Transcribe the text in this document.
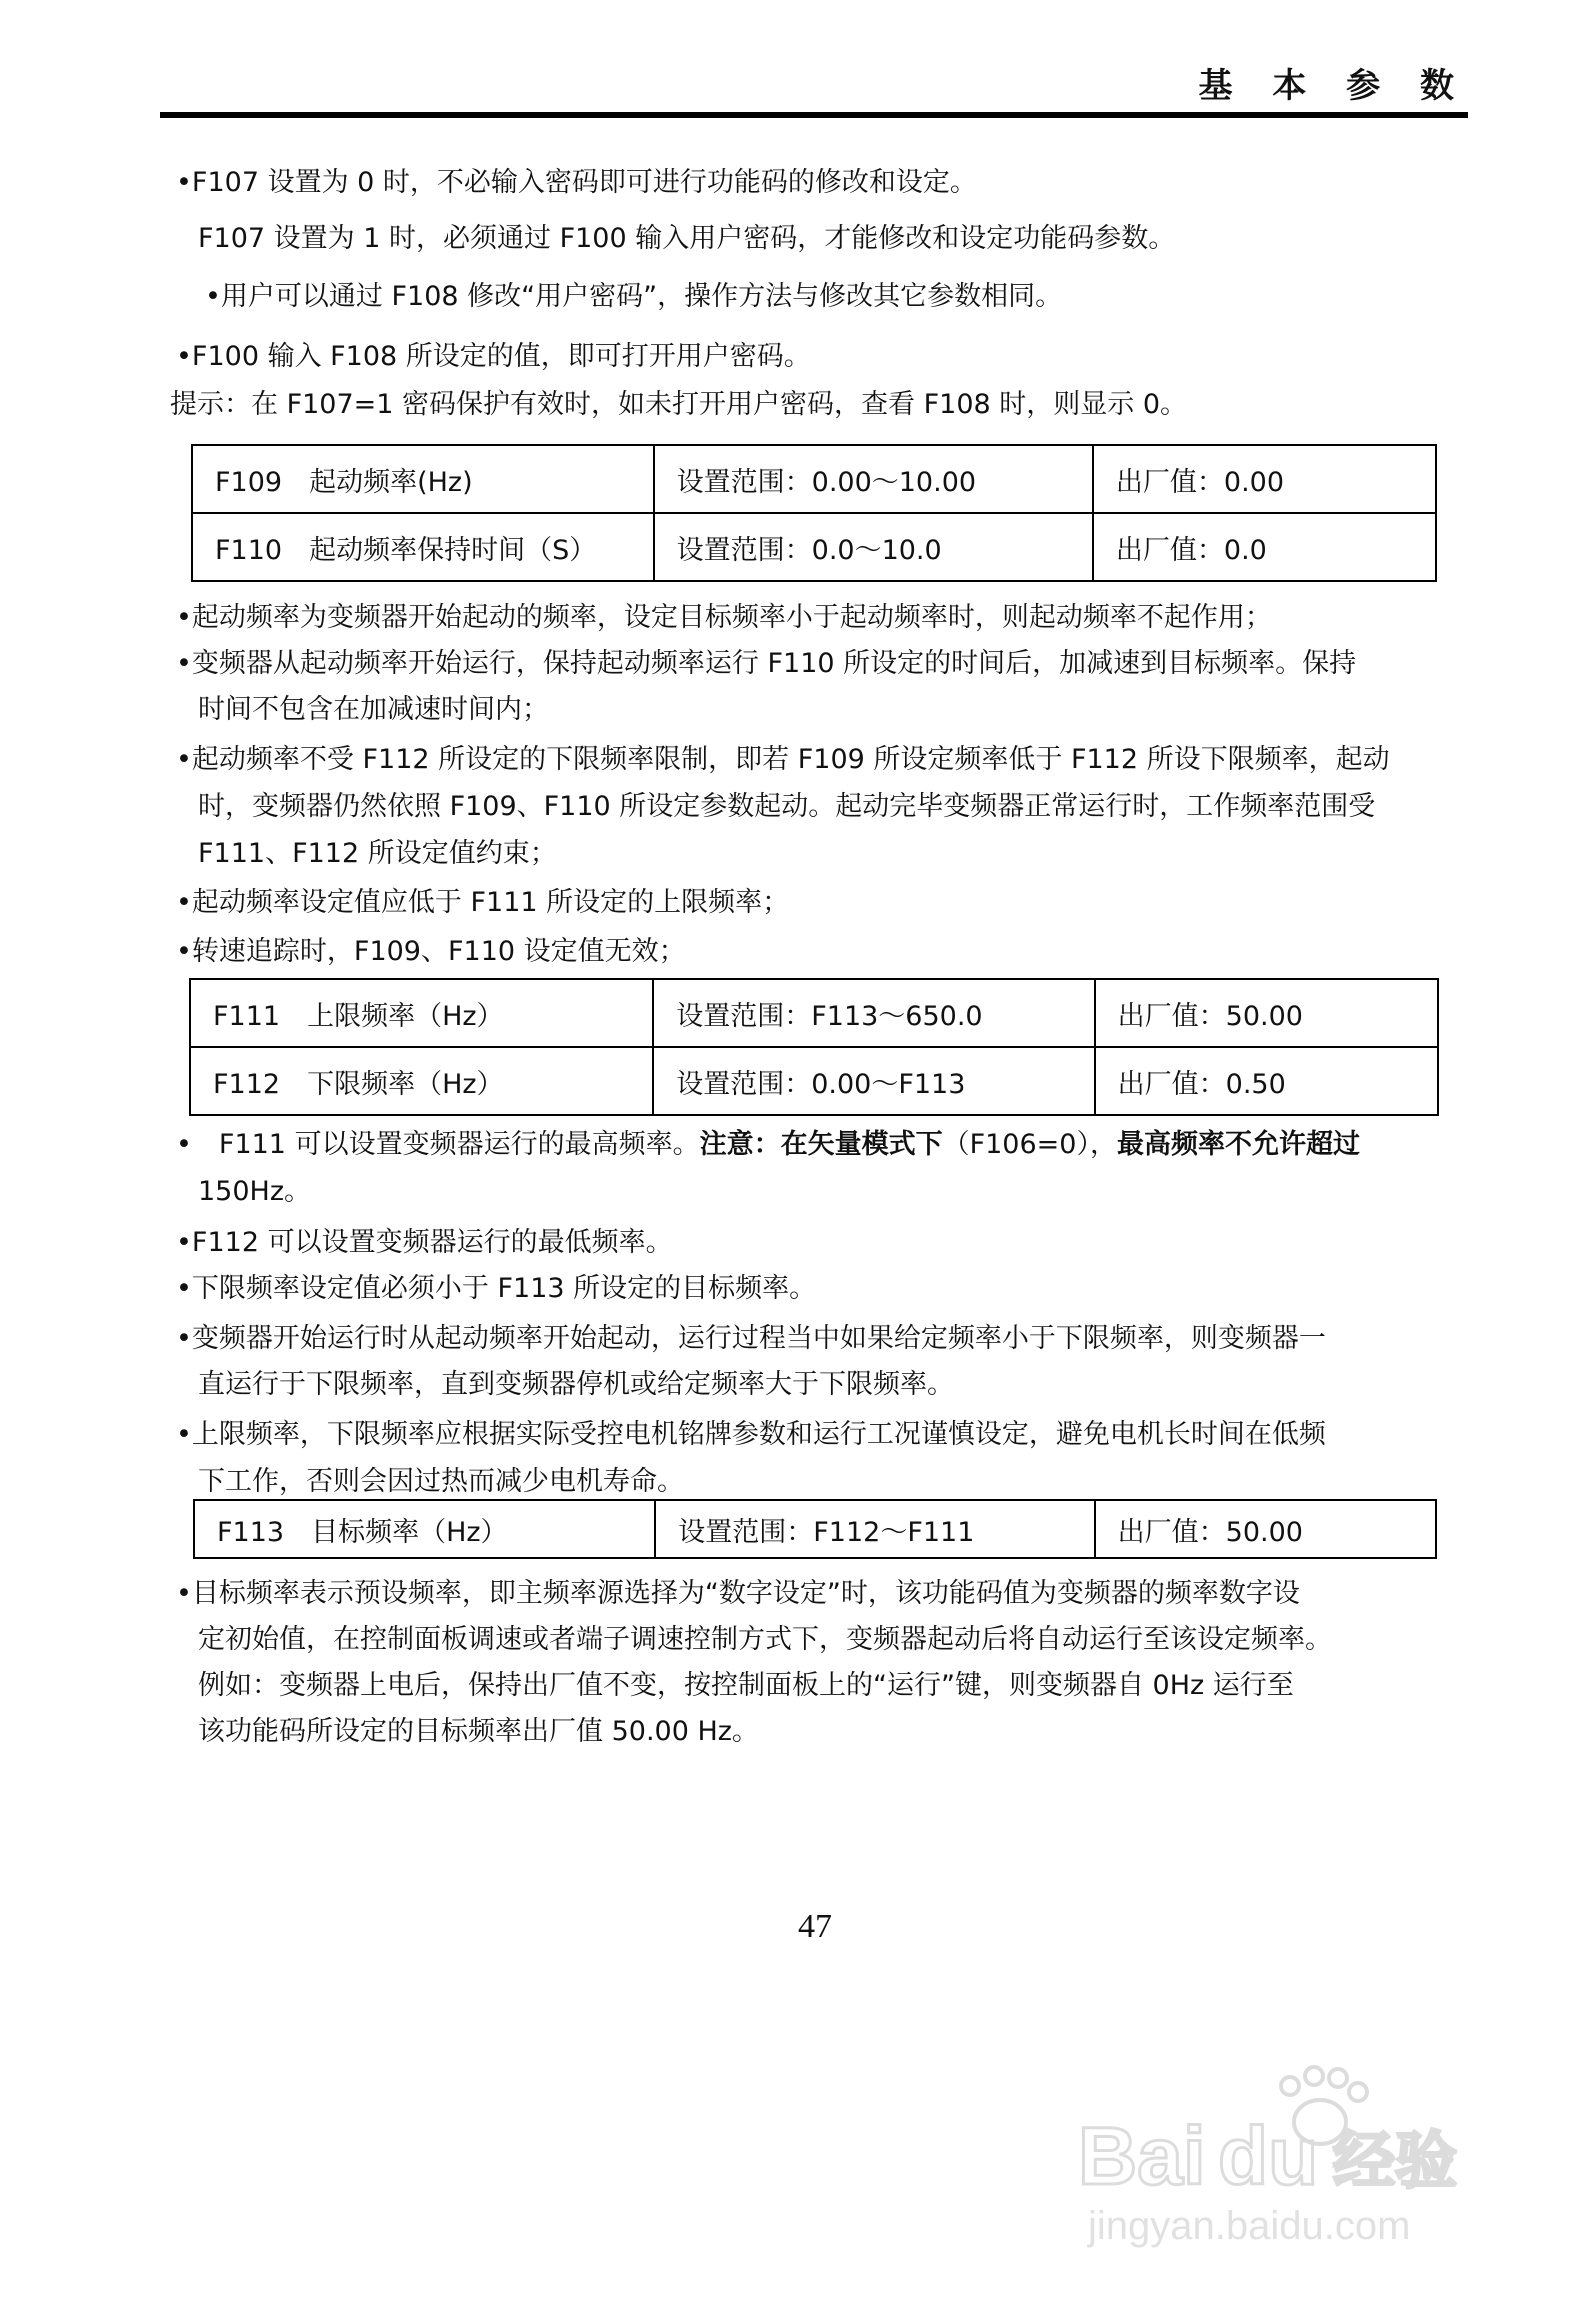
基 本 参 数
•F107 设置为 0 时，不必输入密码即可进行功能码的修改和设定。
F107 设置为 1 时，必须通过 F100 输入用户密码，才能修改和设定功能码参数。
•用户可以通过 F108 修改“用户密码”，操作方法与修改其它参数相同。
•F100 输入 F108 所设定的值，即可打开用户密码。
提示：在 F107=1 密码保护有效时，如未打开用户密码，查看 F108 时，则显示 0。
F109　起动频率(Hz)	设置范围：0.00～10.00	出厂值：0.00
F110　起动频率保持时间（S）	设置范围：0.0～10.0	出厂值：0.0
•起动频率为变频器开始起动的频率，设定目标频率小于起动频率时，则起动频率不起作用；
•变频器从起动频率开始运行，保持起动频率运行 F110 所设定的时间后，加减速到目标频率。保持
时间不包含在加减速时间内；
•起动频率不受 F112 所设定的下限频率限制，即若 F109 所设定频率低于 F112 所设下限频率，起动
时，变频器仍然依照 F109、F110 所设定参数起动。起动完毕变频器正常运行时，工作频率范围受
F111、F112 所设定值约束；
•起动频率设定值应低于 F111 所设定的上限频率；
•转速追踪时，F109、F110 设定值无效；
F111　上限频率（Hz）	设置范围：F113～650.0	出厂值：50.00
F112　下限频率（Hz）	设置范围：0.00～F113	出厂值：0.50
•　F111 可以设置变频器运行的最高频率。注意：在矢量模式下（F106=0），最高频率不允许超过
150Hz。
•F112 可以设置变频器运行的最低频率。
•下限频率设定值必须小于 F113 所设定的目标频率。
•变频器开始运行时从起动频率开始起动，运行过程当中如果给定频率小于下限频率，则变频器一
直运行于下限频率，直到变频器停机或给定频率大于下限频率。
•上限频率，下限频率应根据实际受控电机铭牌参数和运行工况谨慎设定，避免电机长时间在低频
下工作，否则会因过热而减少电机寿命。
F113　目标频率（Hz）	设置范围：F112～F111	出厂值：50.00
•目标频率表示预设频率，即主频率源选择为“数字设定”时，该功能码值为变频器的频率数字设
定初始值，在控制面板调速或者端子调速控制方式下，变频器起动后将自动运行至该设定频率。
例如：变频器上电后，保持出厂值不变，按控制面板上的“运行”键，则变频器自 0Hz 运行至
该功能码所设定的目标频率出厂值 50.00 Hz。
47
Bai du 经验
jingyan.baidu.com
